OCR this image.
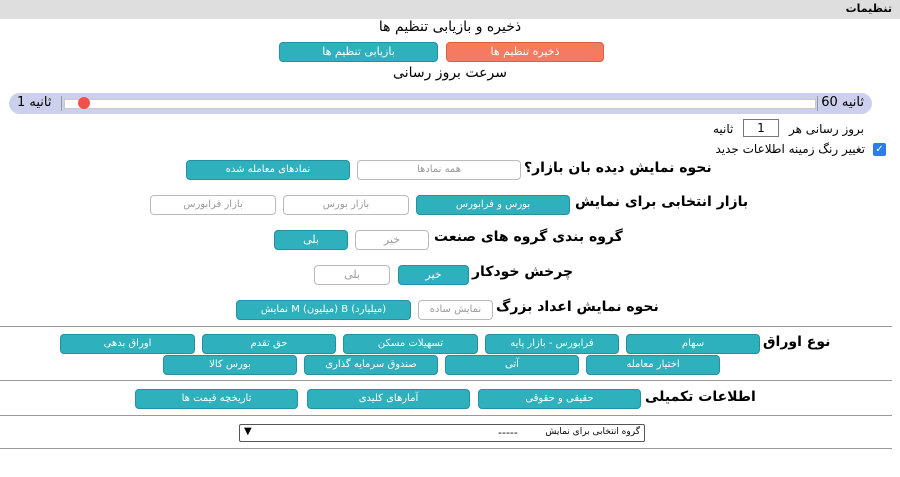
تنظیمات
ذخیره و بازیابی تنظیم ها
ذخیره تنظیم ها
بازیابی تنظیم ها
سرعت بروز رسانی
1 ثانیه	60 ثانیه
بروز رسانی هر
1
ثانیه
✓
تغییر رنگ زمینه اطلاعات جدید
نحوه نمایش دیده بان بازار؟
همه نمادها
نمادهای معامله شده
بازار انتخابی برای نمایش
بورس و فرابورس
بازار بورس
بازار فرابورس
گروه بندی گروه های صنعت
خیر
بلی
چرخش خودکار
خیر
بلی
نحوه نمایش اعداد بزرگ
نمایش ساده
نمایش M (میلیون) B (میلیارد)
نوع اوراق
سهام
فرابورس - بازار پایه
تسهیلات مسکن
حق تقدم
اوراق بدهی
اختیار معامله
آتی
صندوق سرمایه گذاری
بورس کالا
اطلاعات تکمیلی
حقیقی و حقوقی
آمارهای کلیدی
تاریخچه قیمت ها
▼	-----	گروه انتخابی برای نمایش
